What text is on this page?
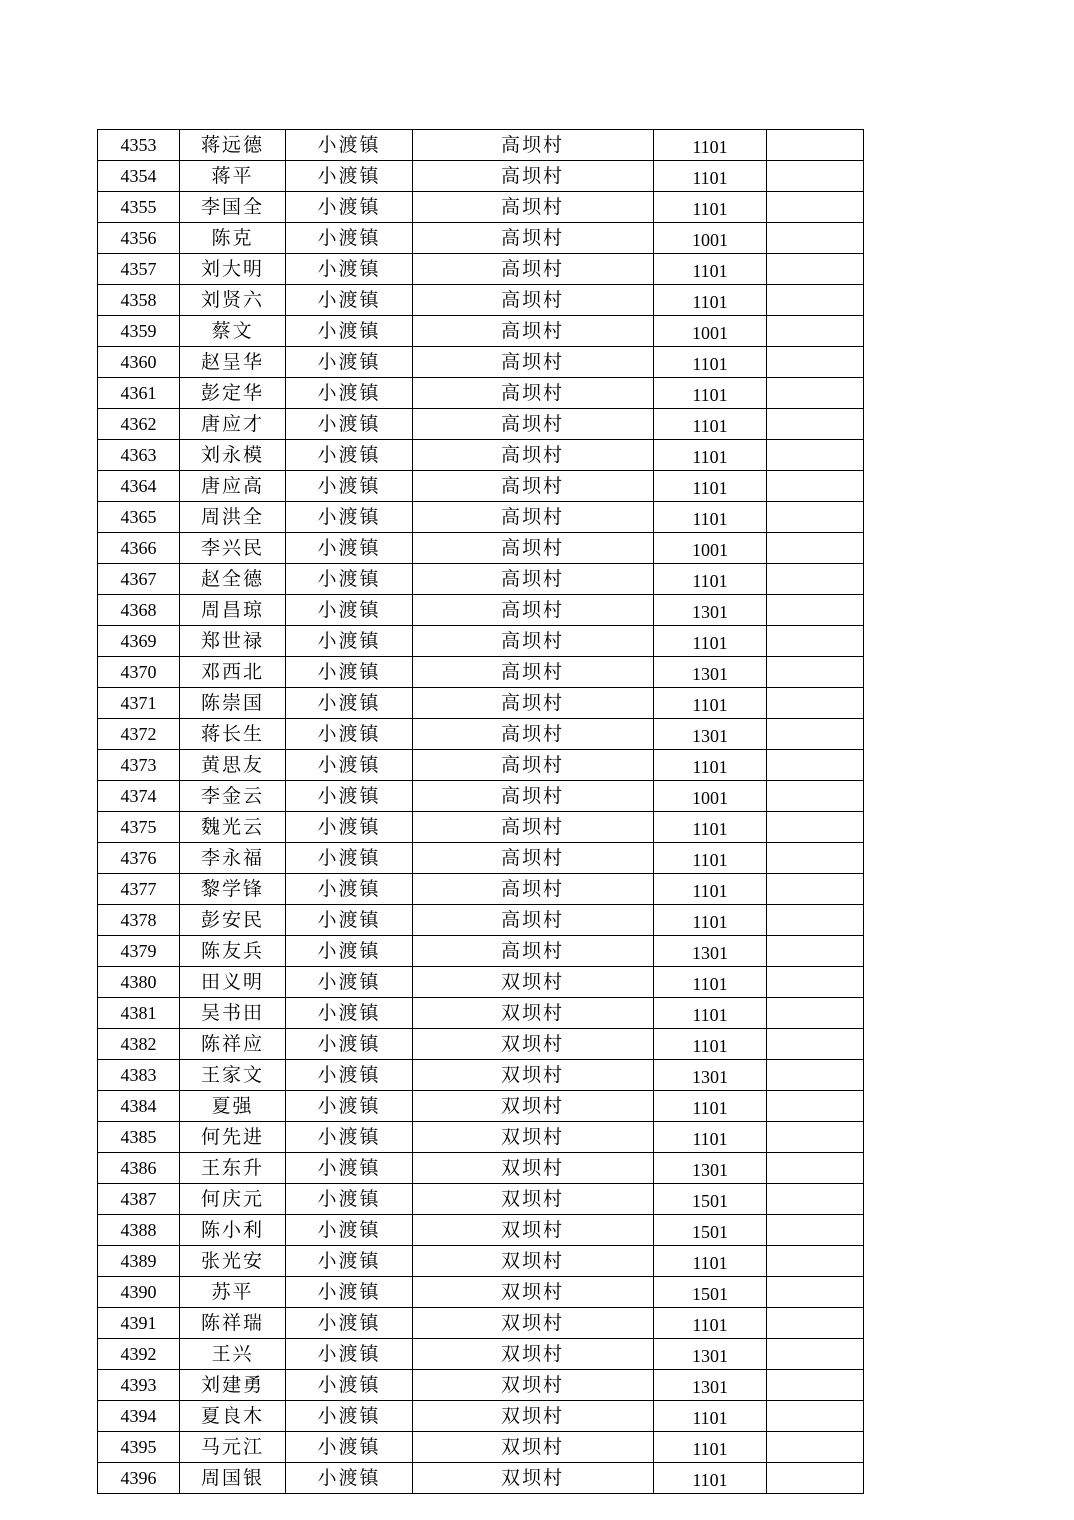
4353	蒋远德	小渡镇	高坝村	1101	
4354	蒋平	小渡镇	高坝村	1101	
4355	李国全	小渡镇	高坝村	1101	
4356	陈克	小渡镇	高坝村	1001	
4357	刘大明	小渡镇	高坝村	1101	
4358	刘贤六	小渡镇	高坝村	1101	
4359	蔡文	小渡镇	高坝村	1001	
4360	赵呈华	小渡镇	高坝村	1101	
4361	彭定华	小渡镇	高坝村	1101	
4362	唐应才	小渡镇	高坝村	1101	
4363	刘永模	小渡镇	高坝村	1101	
4364	唐应高	小渡镇	高坝村	1101	
4365	周洪全	小渡镇	高坝村	1101	
4366	李兴民	小渡镇	高坝村	1001	
4367	赵全德	小渡镇	高坝村	1101	
4368	周昌琼	小渡镇	高坝村	1301	
4369	郑世禄	小渡镇	高坝村	1101	
4370	邓西北	小渡镇	高坝村	1301	
4371	陈崇国	小渡镇	高坝村	1101	
4372	蒋长生	小渡镇	高坝村	1301	
4373	黄思友	小渡镇	高坝村	1101	
4374	李金云	小渡镇	高坝村	1001	
4375	魏光云	小渡镇	高坝村	1101	
4376	李永福	小渡镇	高坝村	1101	
4377	黎学锋	小渡镇	高坝村	1101	
4378	彭安民	小渡镇	高坝村	1101	
4379	陈友兵	小渡镇	高坝村	1301	
4380	田义明	小渡镇	双坝村	1101	
4381	吴书田	小渡镇	双坝村	1101	
4382	陈祥应	小渡镇	双坝村	1101	
4383	王家文	小渡镇	双坝村	1301	
4384	夏强	小渡镇	双坝村	1101	
4385	何先进	小渡镇	双坝村	1101	
4386	王东升	小渡镇	双坝村	1301	
4387	何庆元	小渡镇	双坝村	1501	
4388	陈小利	小渡镇	双坝村	1501	
4389	张光安	小渡镇	双坝村	1101	
4390	苏平	小渡镇	双坝村	1501	
4391	陈祥瑞	小渡镇	双坝村	1101	
4392	王兴	小渡镇	双坝村	1301	
4393	刘建勇	小渡镇	双坝村	1301	
4394	夏良木	小渡镇	双坝村	1101	
4395	马元江	小渡镇	双坝村	1101	
4396	周国银	小渡镇	双坝村	1101	
